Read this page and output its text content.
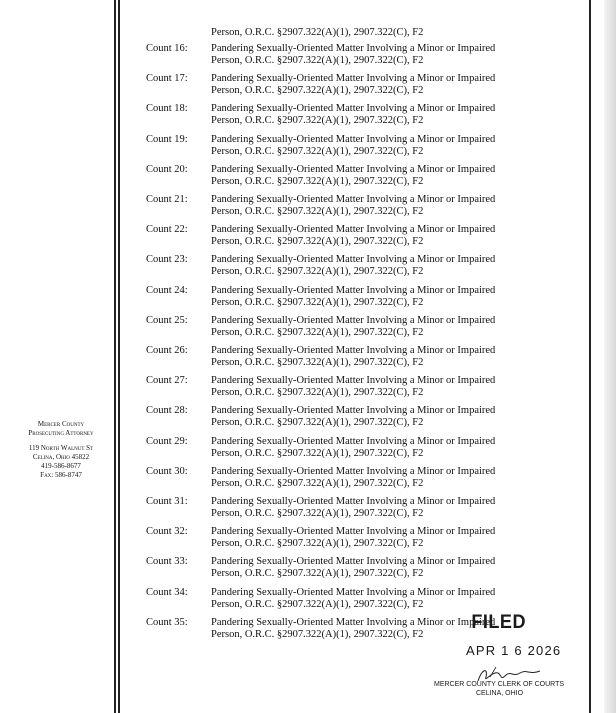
Mercer County
Prosecuting Attorney
119 North Walnut St
Celina, Ohio 45822
419-586-8677
Fax: 586-8747
Person, O.R.C. §2907.322(A)(1), 2907.322(C), F2
Count 16:	Pandering Sexually-Oriented Matter Involving a Minor or Impaired
Person, O.R.C. §2907.322(A)(1), 2907.322(C), F2
Count 17:	Pandering Sexually-Oriented Matter Involving a Minor or Impaired
Person, O.R.C. §2907.322(A)(1), 2907.322(C), F2
Count 18:	Pandering Sexually-Oriented Matter Involving a Minor or Impaired
Person, O.R.C. §2907.322(A)(1), 2907.322(C), F2
Count 19:	Pandering Sexually-Oriented Matter Involving a Minor or Impaired
Person, O.R.C. §2907.322(A)(1), 2907.322(C), F2
Count 20:	Pandering Sexually-Oriented Matter Involving a Minor or Impaired
Person, O.R.C. §2907.322(A)(1), 2907.322(C), F2
Count 21:	Pandering Sexually-Oriented Matter Involving a Minor or Impaired
Person, O.R.C. §2907.322(A)(1), 2907.322(C), F2
Count 22:	Pandering Sexually-Oriented Matter Involving a Minor or Impaired
Person, O.R.C. §2907.322(A)(1), 2907.322(C), F2
Count 23:	Pandering Sexually-Oriented Matter Involving a Minor or Impaired
Person, O.R.C. §2907.322(A)(1), 2907.322(C), F2
Count 24:	Pandering Sexually-Oriented Matter Involving a Minor or Impaired
Person, O.R.C. §2907.322(A)(1), 2907.322(C), F2
Count 25:	Pandering Sexually-Oriented Matter Involving a Minor or Impaired
Person, O.R.C. §2907.322(A)(1), 2907.322(C), F2
Count 26:	Pandering Sexually-Oriented Matter Involving a Minor or Impaired
Person, O.R.C. §2907.322(A)(1), 2907.322(C), F2
Count 27:	Pandering Sexually-Oriented Matter Involving a Minor or Impaired
Person, O.R.C. §2907.322(A)(1), 2907.322(C), F2
Count 28:	Pandering Sexually-Oriented Matter Involving a Minor or Impaired
Person, O.R.C. §2907.322(A)(1), 2907.322(C), F2
Count 29:	Pandering Sexually-Oriented Matter Involving a Minor or Impaired
Person, O.R.C. §2907.322(A)(1), 2907.322(C), F2
Count 30:	Pandering Sexually-Oriented Matter Involving a Minor or Impaired
Person, O.R.C. §2907.322(A)(1), 2907.322(C), F2
Count 31:	Pandering Sexually-Oriented Matter Involving a Minor or Impaired
Person, O.R.C. §2907.322(A)(1), 2907.322(C), F2
Count 32:	Pandering Sexually-Oriented Matter Involving a Minor or Impaired
Person, O.R.C. §2907.322(A)(1), 2907.322(C), F2
Count 33:	Pandering Sexually-Oriented Matter Involving a Minor or Impaired
Person, O.R.C. §2907.322(A)(1), 2907.322(C), F2
Count 34:	Pandering Sexually-Oriented Matter Involving a Minor or Impaired
Person, O.R.C. §2907.322(A)(1), 2907.322(C), F2
Count 35:	Pandering Sexually-Oriented Matter Involving a Minor or Impaired
Person, O.R.C. §2907.322(A)(1), 2907.322(C), F2
FILED
APR 1 6 2026
MERCER COUNTY CLERK OF COURTS
CELINA, OHIO
